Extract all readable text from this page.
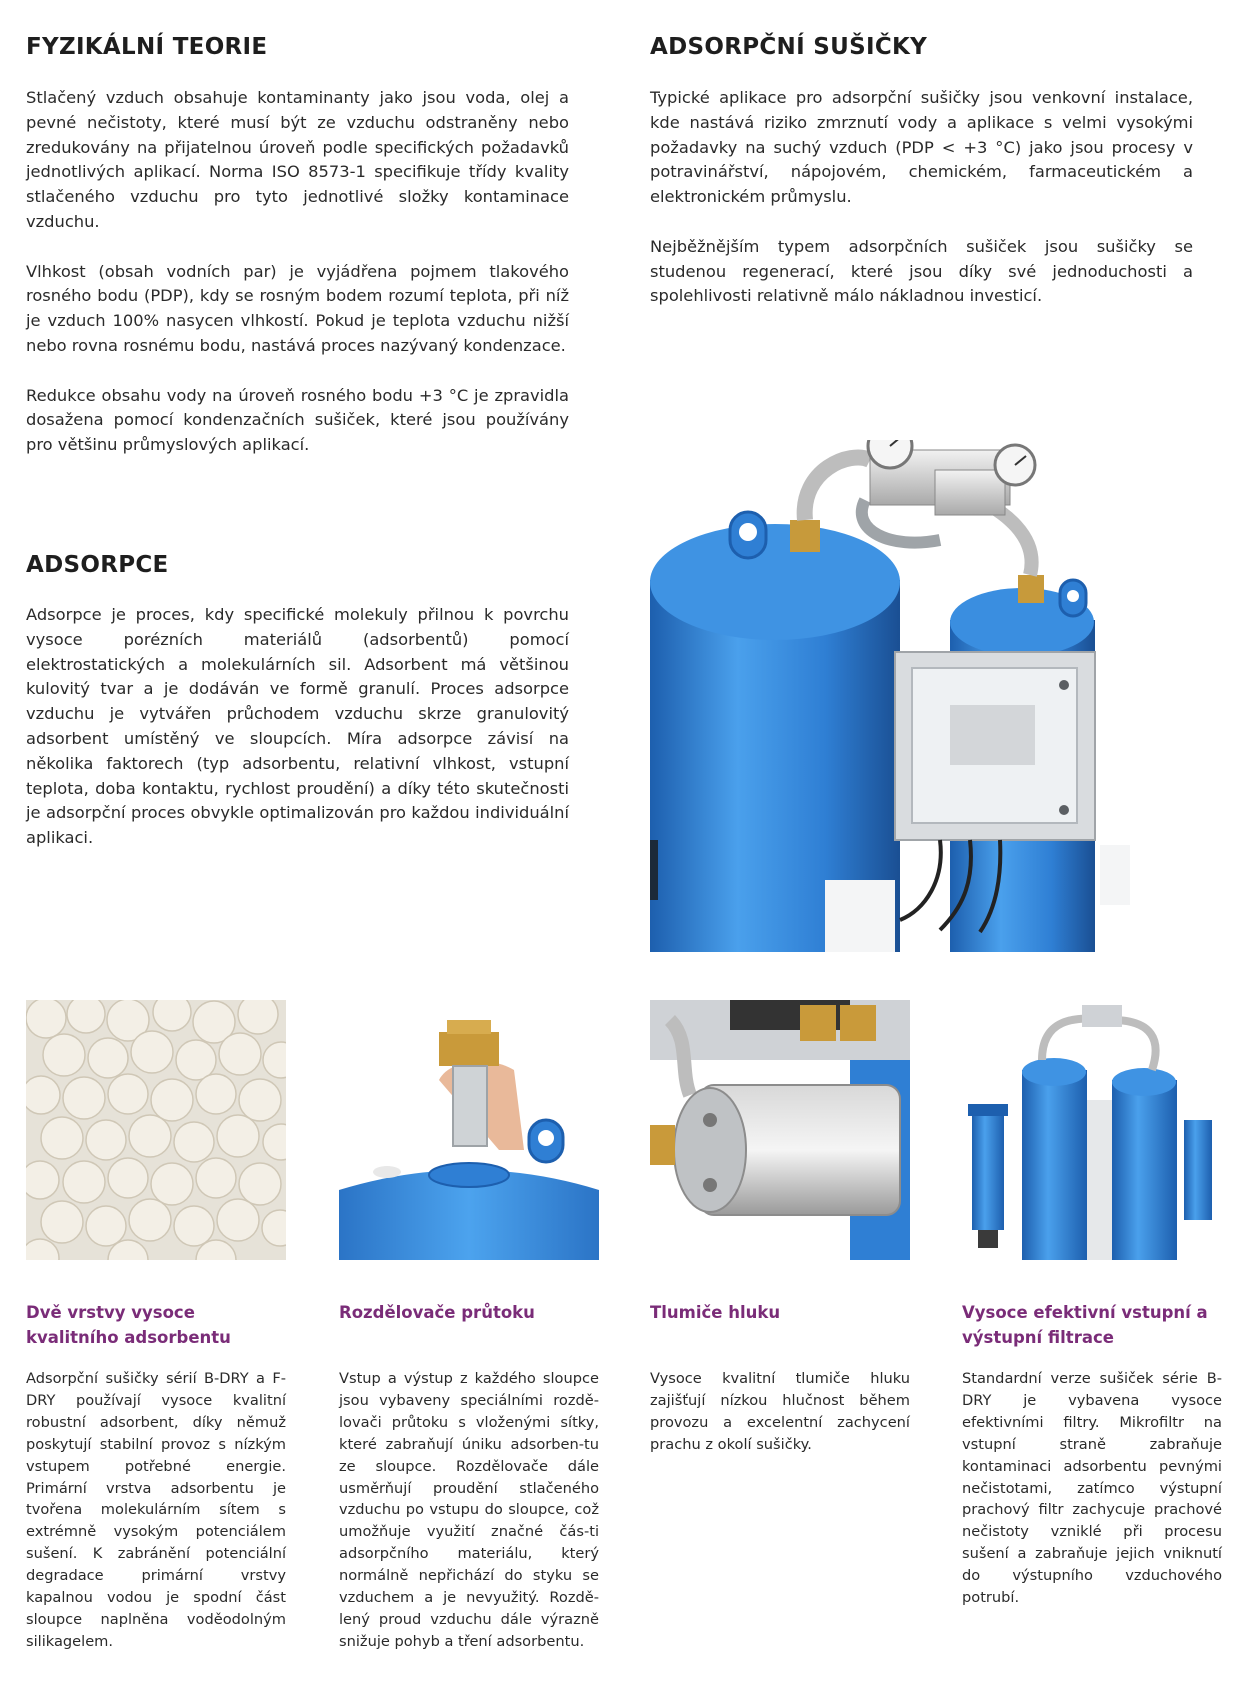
FYZIKÁLNÍ TEORIE

Stlačený vzduch obsahuje kontaminanty jako jsou voda, olej a pevné nečistoty, které musí být ze vzduchu odstraněny nebo zredukovány na přijatelnou úroveň podle specifických požadavků jednotlivých aplikací. Norma ISO 8573-1 specifikuje třídy kvality stlačeného vzduchu pro tyto jednotlivé složky kontaminace vzduchu.

Vlhkost (obsah vodních par) je vyjádřena pojmem tlakového rosného bodu (PDP), kdy se rosným bodem rozumí teplota, při níž je vzduch 100% nasycen vlhkostí. Pokud je teplota vzduchu nižší nebo rovna rosnému bodu, nastává proces nazývaný kondenzace.

Redukce obsahu vody na úroveň rosného bodu +3 °C je zpravidla dosažena pomocí kondenzačních sušiček, které jsou používány pro většinu průmyslových aplikací.

ADSORPCE

Adsorpce je proces, kdy specifické molekuly přilnou k povrchu vysoce porézních materiálů (adsorbentů) pomocí elektrostatických a molekulárních sil. Adsorbent má většinou kulovitý tvar a je dodáván ve formě granulí. Proces adsorpce vzduchu je vytvářen průchodem vzduchu skrze granulovitý adsorbent umístěný ve sloupcích. Míra adsorpce závisí na několika faktorech (typ adsorbentu, relativní vlhkost, vstupní teplota, doba kontaktu, rychlost proudění) a díky této skutečnosti je adsorpční proces obvykle optimalizován pro každou individuální aplikaci.

ADSORPČNÍ SUŠIČKY

Typické aplikace pro adsorpční sušičky jsou venkovní instalace, kde nastává riziko zmrznutí vody a aplikace s velmi vysokými požadavky na suchý vzduch (PDP < +3 °C) jako jsou procesy v potravinářství, nápojovém, chemickém, farmaceutickém a elektronickém průmyslu.

Nejběžnějším typem adsorpčních sušiček jsou sušičky se studenou regenerací, které jsou díky své jednoduchosti a spolehlivosti relativně málo nákladnou investicí.

Dvě vrstvy vysoce kvalitního adsorbentu

Adsorpční sušičky sérií B-DRY a F-DRY používají vysoce kvalitní robustní adsorbent, díky němuž poskytují stabilní provoz s nízkým vstupem potřebné energie. Primární vrstva adsorbentu je tvořena molekulárním sítem s extrémně vysokým potenciálem sušení. K zabránění potenciální degradace primární vrstvy kapalnou vodou je spodní část sloupce naplněna voděodolným silikagelem.

Rozdělovače průtoku

Vstup a výstup z každého sloupce jsou vybaveny speciálními rozdě-lovači průtoku s vloženými sítky, které zabraňují úniku adsorben-tu ze sloupce. Rozdělovače dále usměrňují proudění stlačeného vzduchu po vstupu do sloupce, což umožňuje využití značné čás-ti adsorpčního materiálu, který normálně nepřichází do styku se vzduchem a je nevyužitý. Rozdě-lený proud vzduchu dále výrazně snižuje pohyb a tření adsorbentu.

Tlumiče hluku

Vysoce kvalitní tlumiče hluku zajišťují nízkou hlučnost během provozu a excelentní zachycení prachu z okolí sušičky.

Vysoce efektivní vstupní a výstupní filtrace

Standardní verze sušiček série B-DRY je vybavena vysoce efektivními filtry. Mikrofiltr na vstupní straně zabraňuje kontaminaci adsorbentu pevnými nečistotami, zatímco výstupní prachový filtr zachycuje prachové nečistoty vzniklé při procesu sušení a zabraňuje jejich vniknutí do výstupního vzduchového potrubí.
